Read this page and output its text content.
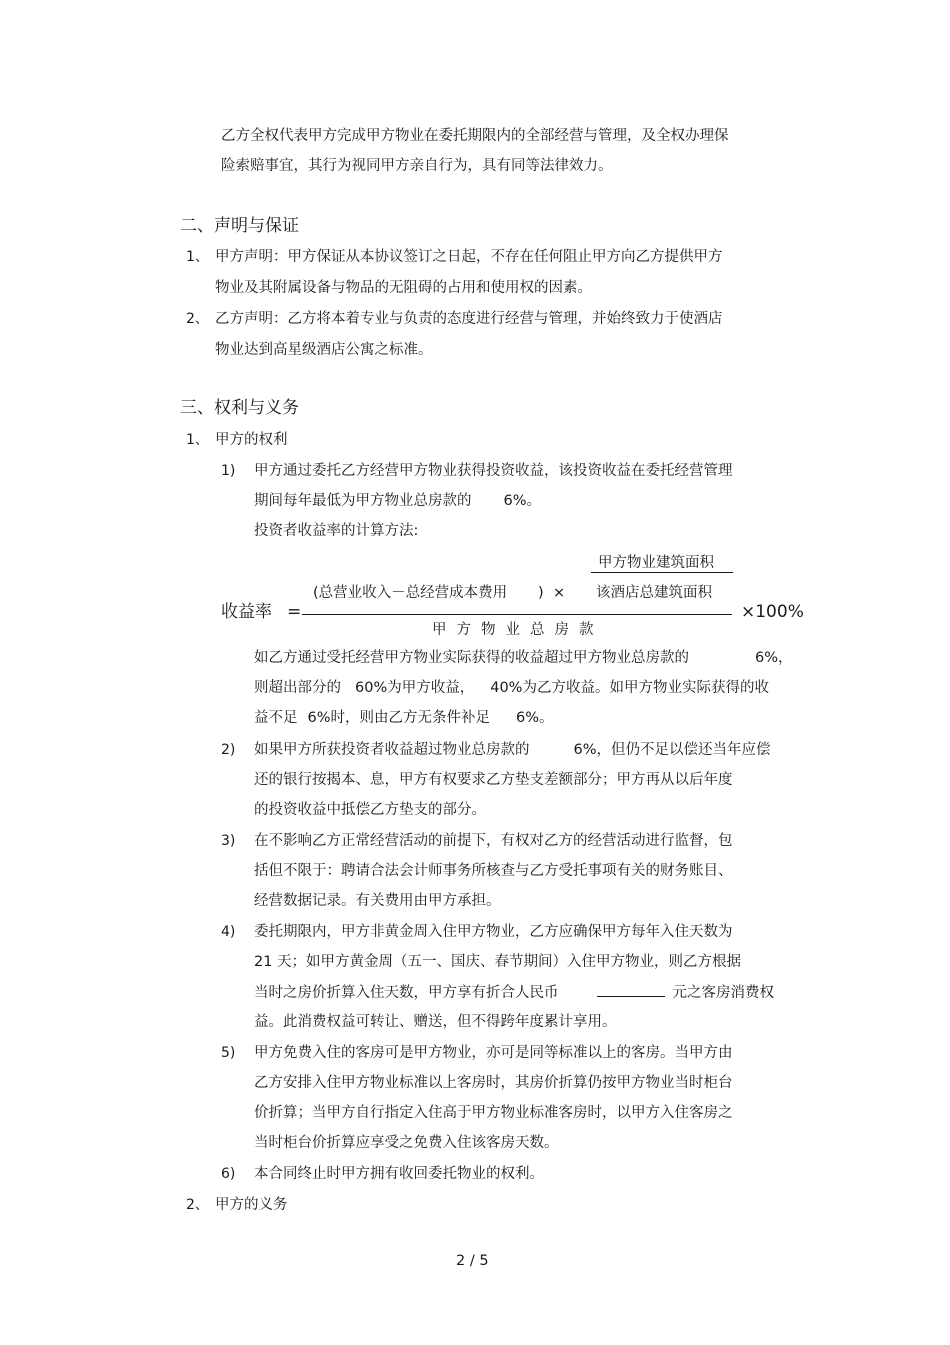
乙方全权代表甲方完成甲方物业在委托期限内的全部经营与管理，及全权办理保
险索赔事宜，其行为视同甲方亲自行为，具有同等法律效力。
二、声明与保证
1、 甲方声明：甲方保证从本协议签订之日起，不存在任何阻止甲方向乙方提供甲方
物业及其附属设备与物品的无阻碍的占用和使用权的因素。
2、 乙方声明：乙方将本着专业与负责的态度进行经营与管理，并始终致力于使酒店
物业达到高星级酒店公寓之标准。
三、权利与义务
1、 甲方的权利
1) 甲方通过委托乙方经营甲方物业获得投资收益，该投资收益在委托经营管理
期间每年最低为甲方物业总房款的 6%。
投资者收益率的计算方法:
甲方物业建筑面积
(总营业收入－总经营成本费用 ) × 该酒店总建筑面积
收益率 =	×100%
甲方物业总房款
如乙方通过受托经营甲方物业实际获得的收益超过甲方物业总房款的	6%，
则超出部分的 60%为甲方收益， 40%为乙方收益。如甲方物业实际获得的收
益不足 6%时，则由乙方无条件补足 6%。
2) 如果甲方所获投资者收益超过物业总房款的	6%，但仍不足以偿还当年应偿
还的银行按揭本、息，甲方有权要求乙方垫支差额部分；甲方再从以后年度
的投资收益中抵偿乙方垫支的部分。
3) 在不影响乙方正常经营活动的前提下，有权对乙方的经营活动进行监督，包
括但不限于：聘请合法会计师事务所核查与乙方受托事项有关的财务账目、
经营数据记录。有关费用由甲方承担。
4) 委托期限内，甲方非黄金周入住甲方物业，乙方应确保甲方每年入住天数为
21 天；如甲方黄金周（五一、国庆、春节期间）入住甲方物业，则乙方根据
当时之房价折算入住天数，甲方享有折合人民币	元之客房消费权
益。此消费权益可转让、赠送，但不得跨年度累计享用。
5) 甲方免费入住的客房可是甲方物业，亦可是同等标准以上的客房。当甲方由
乙方安排入住甲方物业标准以上客房时，其房价折算仍按甲方物业当时柜台
价折算；当甲方自行指定入住高于甲方物业标准客房时，以甲方入住客房之
当时柜台价折算应享受之免费入住该客房天数。
6) 本合同终止时甲方拥有收回委托物业的权利。
2、 甲方的义务
2 / 5
